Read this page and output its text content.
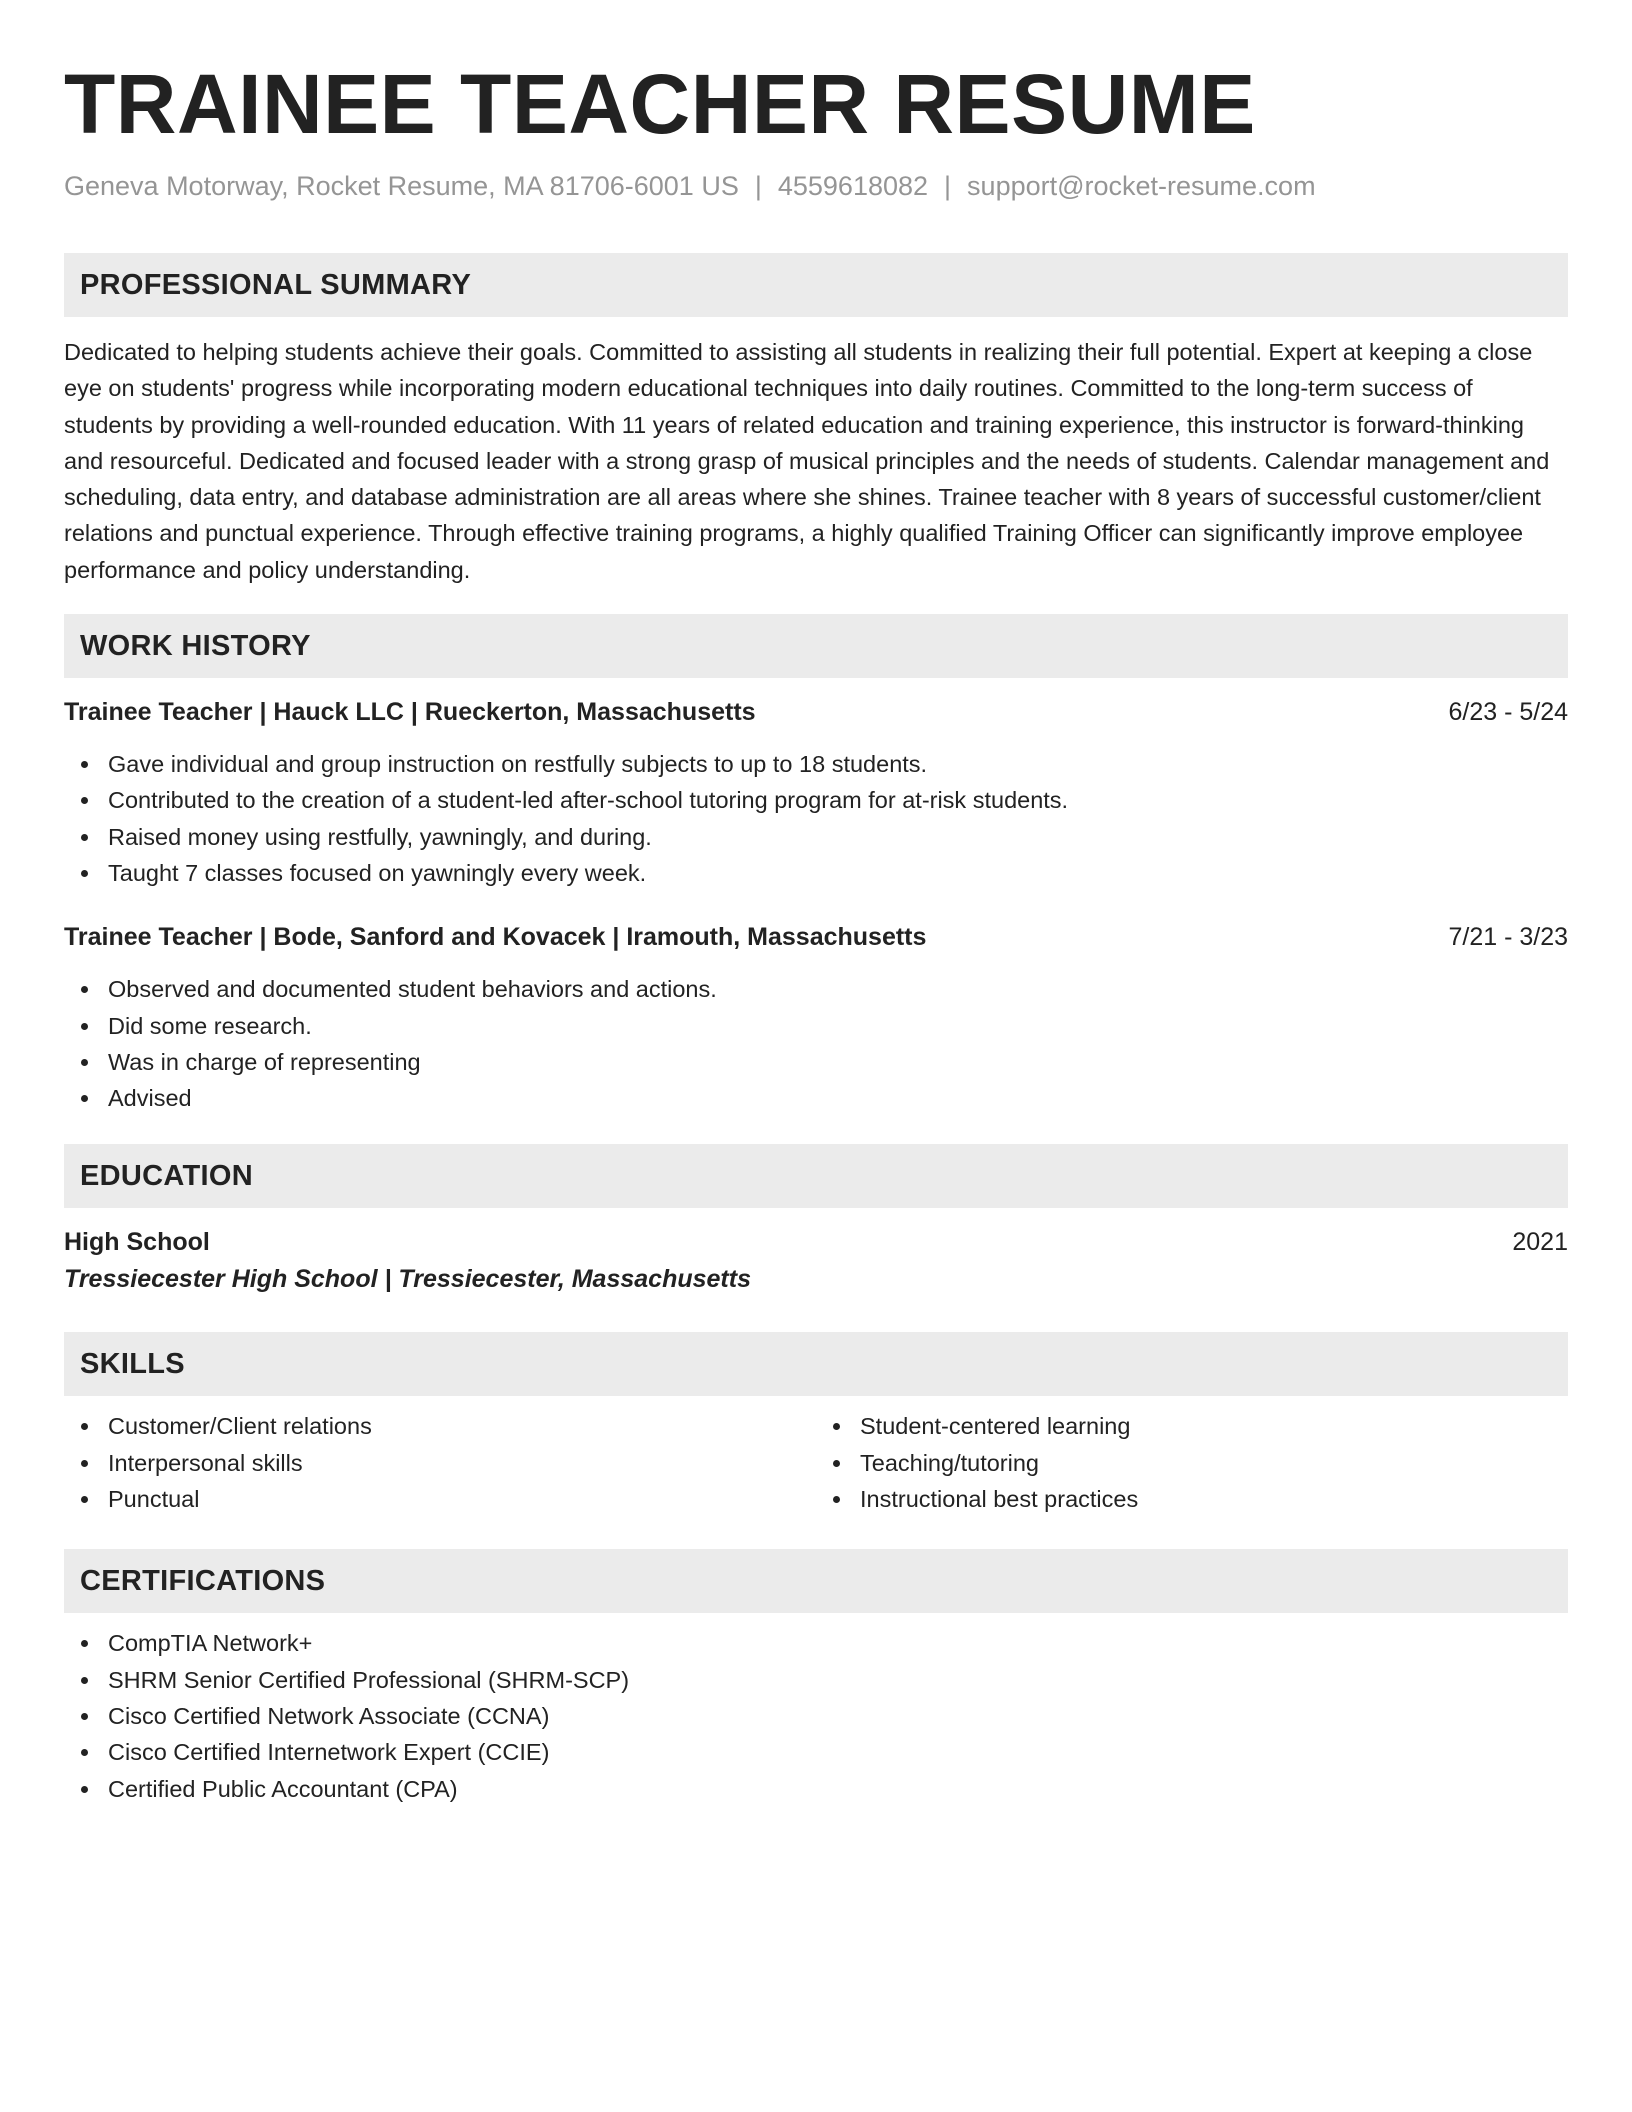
TRAINEE TEACHER RESUME
Geneva Motorway, Rocket Resume, MA 81706-6001 US | 4559618082 | support@rocket-resume.com
PROFESSIONAL SUMMARY

Dedicated to helping students achieve their goals. Committed to assisting all students in realizing their full potential. Expert at keeping a close eye on students' progress while incorporating modern educational techniques into daily routines. Committed to the long-term success of students by providing a well-rounded education. With 11 years of related education and training experience, this instructor is forward-thinking and resourceful. Dedicated and focused leader with a strong grasp of musical principles and the needs of students. Calendar management and scheduling, data entry, and database administration are all areas where she shines. Trainee teacher with 8 years of successful customer/client relations and punctual experience. Through effective training programs, a highly qualified Training Officer can significantly improve employee performance and policy understanding.

WORK HISTORY
Trainee Teacher | Hauck LLC | Rueckerton, Massachusetts	6/23 - 5/24
Gave individual and group instruction on restfully subjects to up to 18 students.
Contributed to the creation of a student-led after-school tutoring program for at-risk students.
Raised money using restfully, yawningly, and during.
Taught 7 classes focused on yawningly every week.
Trainee Teacher | Bode, Sanford and Kovacek | Iramouth, Massachusetts	7/21 - 3/23
Observed and documented student behaviors and actions.
Did some research.
Was in charge of representing
Advised
EDUCATION
High School	2021
Tressiecester High School | Tressiecester, Massachusetts
SKILLS
Customer/Client relations
Interpersonal skills
Punctual
Student-centered learning
Teaching/tutoring
Instructional best practices
CERTIFICATIONS
CompTIA Network+
SHRM Senior Certified Professional (SHRM-SCP)
Cisco Certified Network Associate (CCNA)
Cisco Certified Internetwork Expert (CCIE)
Certified Public Accountant (CPA)
